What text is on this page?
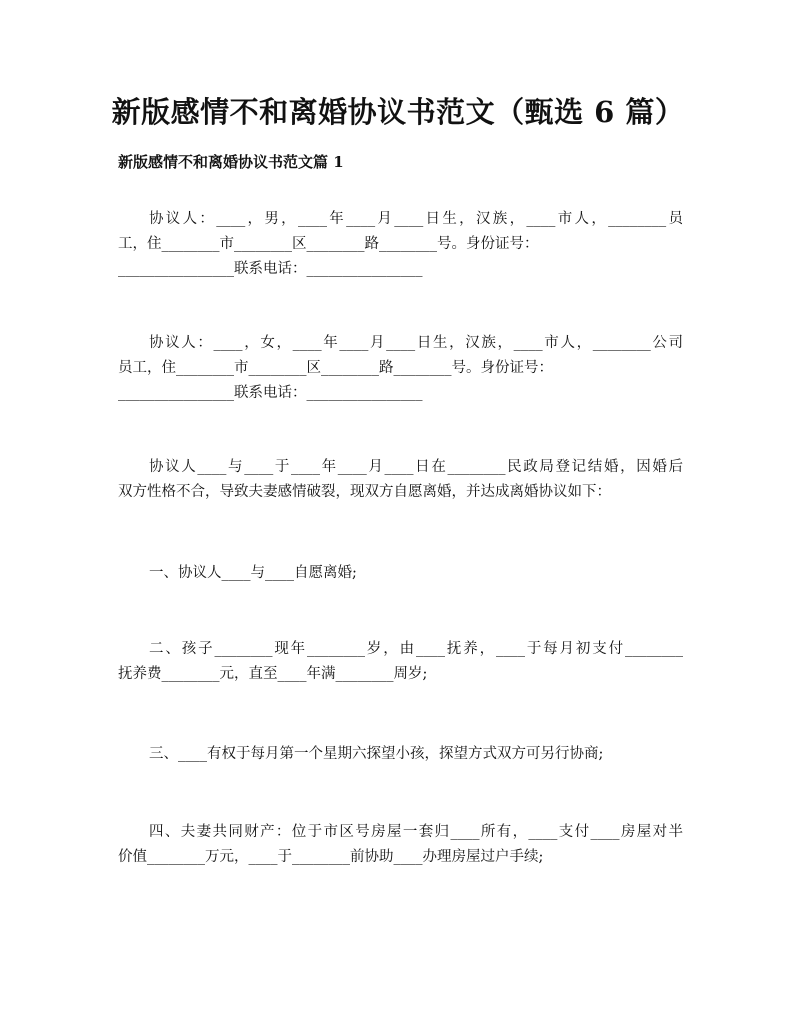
新版感情不和离婚协议书范文（甄选 6 篇）
新版感情不和离婚协议书范文篇 1
协议人：____，男，____年____月____日生，汉族，____市人，________员
工，住________市________区________路________号。身份证号：
________________联系电话：________________
协议人：____，女，____年____月____日生，汉族，____市人，________公司
员工，住________市________区________路________号。身份证号：
________________联系电话：________________
协议人____与____于____年____月____日在________民政局登记结婚，因婚后
双方性格不合，导致夫妻感情破裂，现双方自愿离婚，并达成离婚协议如下：
一、协议人____与____自愿离婚;
二、孩子________现年________岁，由____抚养，____于每月初支付________
抚养费________元，直至____年满________周岁;
三、____有权于每月第一个星期六探望小孩，探望方式双方可另行协商;
四、夫妻共同财产：位于市区号房屋一套归____所有，____支付____房屋对半
价值________万元，____于________前协助____办理房屋过户手续;
